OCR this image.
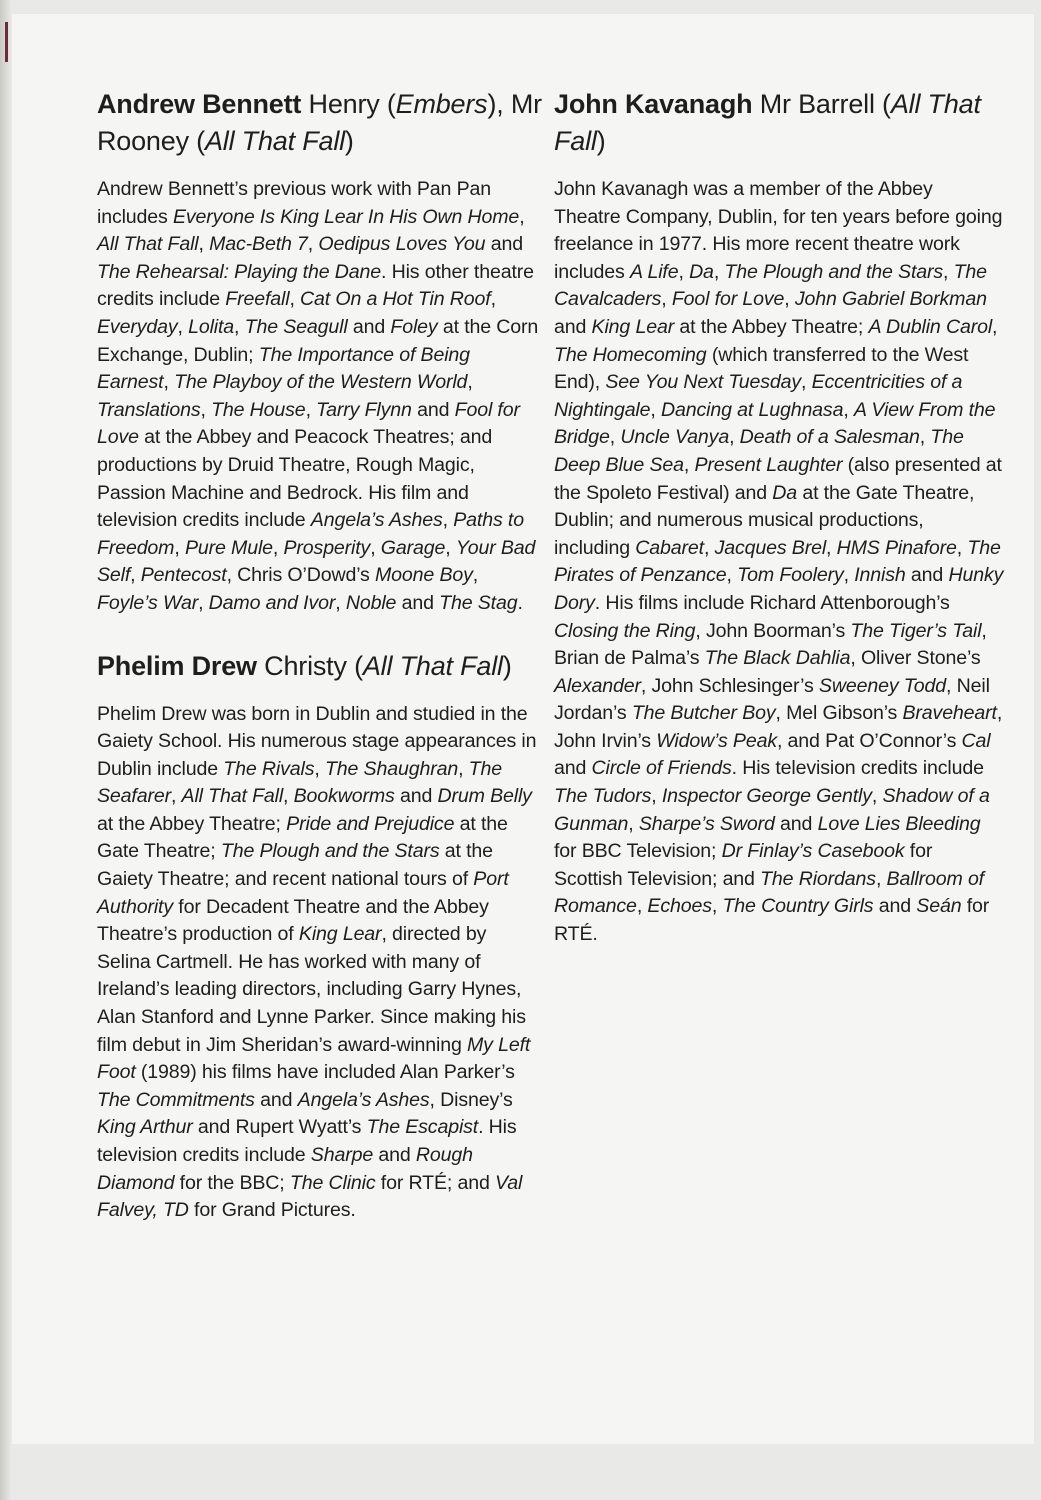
Andrew Bennett Henry (Embers), Mr Rooney (All That Fall)

Andrew Bennett’s previous work with Pan Pan includes Everyone Is King Lear In His Own Home, All That Fall, Mac-Beth 7, Oedipus Loves You and The Rehearsal: Playing the Dane. His other theatre credits include Freefall, Cat On a Hot Tin Roof, Everyday, Lolita, The Seagull and Foley at the Corn Exchange, Dublin; The Importance of Being Earnest, The Playboy of the Western World, Translations, The House, Tarry Flynn and Fool for Love at the Abbey and Peacock Theatres; and productions by Druid Theatre, Rough Magic, Passion Machine and Bedrock. His film and television credits include Angela’s Ashes, Paths to Freedom, Pure Mule, Prosperity, Garage, Your Bad Self, Pentecost, Chris O’Dowd’s Moone Boy, Foyle’s War, Damo and Ivor, Noble and The Stag.

Phelim Drew Christy (All That Fall)

Phelim Drew was born in Dublin and studied in the Gaiety School. His numerous stage appearances in Dublin include The Rivals, The Shaughran, The Seafarer, All That Fall, Bookworms and Drum Belly at the Abbey Theatre; Pride and Prejudice at the Gate Theatre; The Plough and the Stars at the Gaiety Theatre; and recent national tours of Port Authority for Decadent Theatre and the Abbey Theatre’s production of King Lear, directed by Selina Cartmell. He has worked with many of Ireland’s leading directors, including Garry Hynes, Alan Stanford and Lynne Parker. Since making his film debut in Jim Sheridan’s award-winning My Left Foot (1989) his films have included Alan Parker’s The Commitments and Angela’s Ashes, Disney’s King Arthur and Rupert Wyatt’s The Escapist. His television credits include Sharpe and Rough Diamond for the BBC; The Clinic for RTÉ; and Val Falvey, TD for Grand Pictures.

John Kavanagh Mr Barrell (All That Fall)

John Kavanagh was a member of the Abbey Theatre Company, Dublin, for ten years before going freelance in 1977. His more recent theatre work includes A Life, Da, The Plough and the Stars, The Cavalcaders, Fool for Love, John Gabriel Borkman and King Lear at the Abbey Theatre; A Dublin Carol, The Homecoming (which transferred to the West End), See You Next Tuesday, Eccentricities of a Nightingale, Dancing at Lughnasa, A View From the Bridge, Uncle Vanya, Death of a Salesman, The Deep Blue Sea, Present Laughter (also presented at the Spoleto Festival) and Da at the Gate Theatre, Dublin; and numerous musical productions, including Cabaret, Jacques Brel, HMS Pinafore, The Pirates of Penzance, Tom Foolery, Innish and Hunky Dory. His films include Richard Attenborough’s Closing the Ring, John Boorman’s The Tiger’s Tail, Brian de Palma’s The Black Dahlia, Oliver Stone’s Alexander, John Schlesinger’s Sweeney Todd, Neil Jordan’s The Butcher Boy, Mel Gibson’s Braveheart, John Irvin’s Widow’s Peak, and Pat O’Connor’s Cal and Circle of Friends. His television credits include The Tudors, Inspector George Gently, Shadow of a Gunman, Sharpe’s Sword and Love Lies Bleeding for BBC Television; Dr Finlay’s Casebook for Scottish Television; and The Riordans, Ballroom of Romance, Echoes, The Country Girls and Seán for RTÉ.
